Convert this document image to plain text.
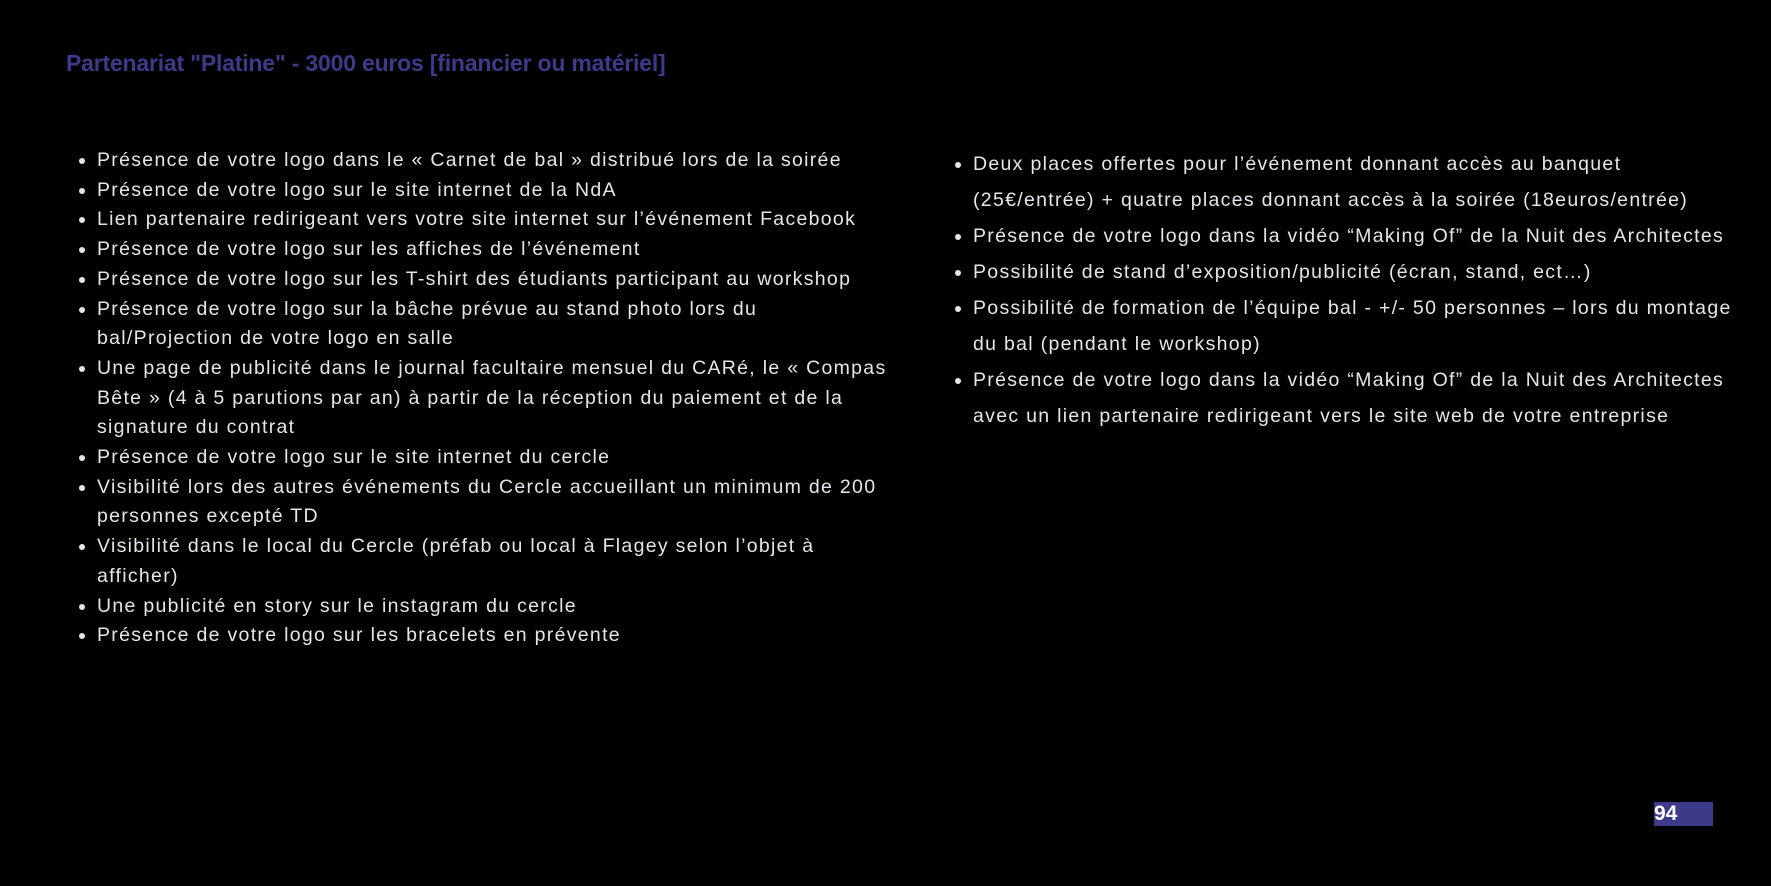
Partenariat "Platine" - 3000 euros [financier ou matériel]
• Présence de votre logo dans le « Carnet de bal » distribué lors de la soirée
• Présence de votre logo sur le site internet de la NdA
• Lien partenaire redirigeant vers votre site internet sur l’événement Facebook
• Présence de votre logo sur les affiches de l’événement
• Présence de votre logo sur les T-shirt des étudiants participant au workshop
• Présence de votre logo sur la bâche prévue au stand photo lors du bal/Projection de votre logo en salle
• Une page de publicité dans le journal facultaire mensuel du CARé, le « Compas Bête » (4 à 5 parutions par an) à partir de la réception du paiement et de la signature du contrat
• Présence de votre logo sur le site internet du cercle
• Visibilité lors des autres événements du Cercle accueillant un minimum de 200 personnes excepté TD
• Visibilité dans le local du Cercle (préfab ou local à Flagey selon l’objet à afficher)
• Une publicité en story sur le instagram du cercle
• Présence de votre logo sur les bracelets en prévente
• Deux places offertes pour l’événement donnant accès au banquet (25€/entrée) + quatre places donnant accès à la soirée (18euros/entrée)
• Présence de votre logo dans la vidéo “Making Of” de la Nuit des Architectes
• Possibilité de stand d’exposition/publicité (écran, stand, ect…)
• Possibilité de formation de l’équipe bal - +/- 50 personnes – lors du montage du bal (pendant le workshop)
• Présence de votre logo dans la vidéo “Making Of” de la Nuit des Architectes avec un lien partenaire redirigeant vers le site web de votre entreprise
94
